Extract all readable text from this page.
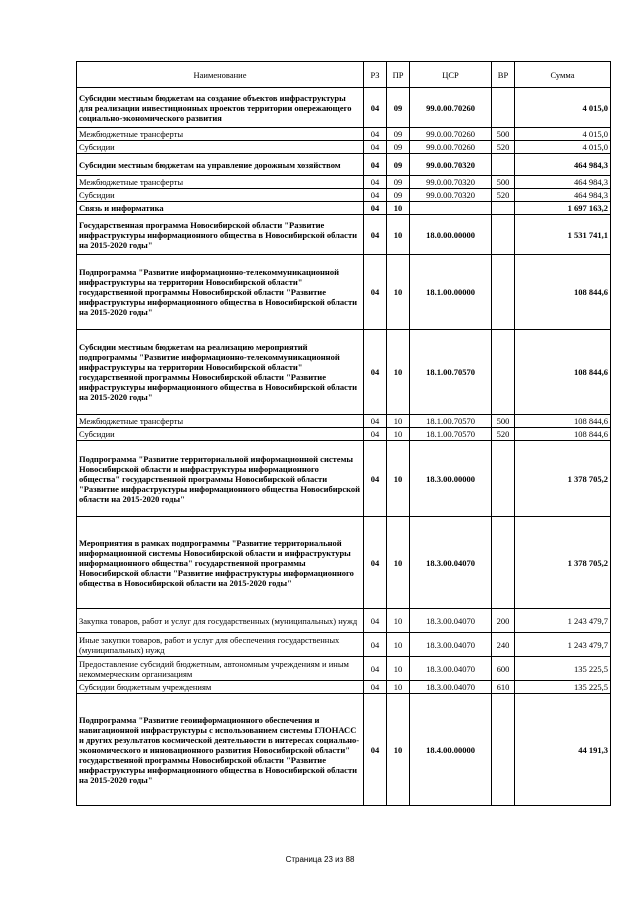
Наименование	РЗ	ПР	ЦСР	ВР	Сумма
Субсидии местным бюджетам на создание объектов инфраструктуры для реализации инвестиционных проектов территории опережающего социально-экономического развития	04	09	99.0.00.70260		4 015,0
Межбюджетные трансферты	04	09	99.0.00.70260	500	4 015,0
Субсидии	04	09	99.0.00.70260	520	4 015,0
Субсидии местным бюджетам на управление дорожным хозяйством	04	09	99.0.00.70320		464 984,3
Межбюджетные трансферты	04	09	99.0.00.70320	500	464 984,3
Субсидии	04	09	99.0.00.70320	520	464 984,3
Связь и информатика	04	10			1 697 163,2
Государственная программа Новосибирской области "Развитие инфраструктуры информационного общества в Новосибирской области на 2015-2020 годы"	04	10	18.0.00.00000		1 531 741,1
Подпрограмма "Развитие информационно-телекоммуникационной инфраструктуры на территории Новосибирской области" государственной программы Новосибирской области "Развитие инфраструктуры информационного общества в Новосибирской области на 2015-2020 годы"	04	10	18.1.00.00000		108 844,6
Субсидии местным бюджетам на реализацию мероприятий подпрограммы "Развитие информационно-телекоммуникационной инфраструктуры на территории Новосибирской области" государственной программы Новосибирской области "Развитие инфраструктуры информационного общества в Новосибирской области на 2015-2020 годы"	04	10	18.1.00.70570		108 844,6
Межбюджетные трансферты	04	10	18.1.00.70570	500	108 844,6
Субсидии	04	10	18.1.00.70570	520	108 844,6
Подпрограмма "Развитие территориальной информационной системы Новосибирской области и инфраструктуры информационного общества" государственной программы Новосибирской области "Развитие инфраструктуры информационного общества Новосибирской области на 2015-2020 годы"	04	10	18.3.00.00000		1 378 705,2
Мероприятия в рамках подпрограммы "Развитие территориальной информационной системы Новосибирской области и инфраструктуры информационного общества" государственной программы Новосибирской области "Развитие инфраструктуры информационного общества в Новосибирской области на 2015-2020 годы"	04	10	18.3.00.04070		1 378 705,2
Закупка товаров, работ и услуг для государственных (муниципальных) нужд	04	10	18.3.00.04070	200	1 243 479,7
Иные закупки товаров, работ и услуг для обеспечения государственных (муниципальных) нужд	04	10	18.3.00.04070	240	1 243 479,7
Предоставление субсидий бюджетным, автономным учреждениям и иным некоммерческим организациям	04	10	18.3.00.04070	600	135 225,5
Субсидии бюджетным учреждениям	04	10	18.3.00.04070	610	135 225,5
Подпрограмма "Развитие геоинформационного обеспечения и навигационной инфраструктуры с использованием системы ГЛОНАСС и других результатов космической деятельности в интересах социально-экономического и инновационного развития Новосибирской области" государственной программы Новосибирской области "Развитие инфраструктуры информационного общества в Новосибирской области на 2015-2020 годы"	04	10	18.4.00.00000		44 191,3
Страница 23 из 88
